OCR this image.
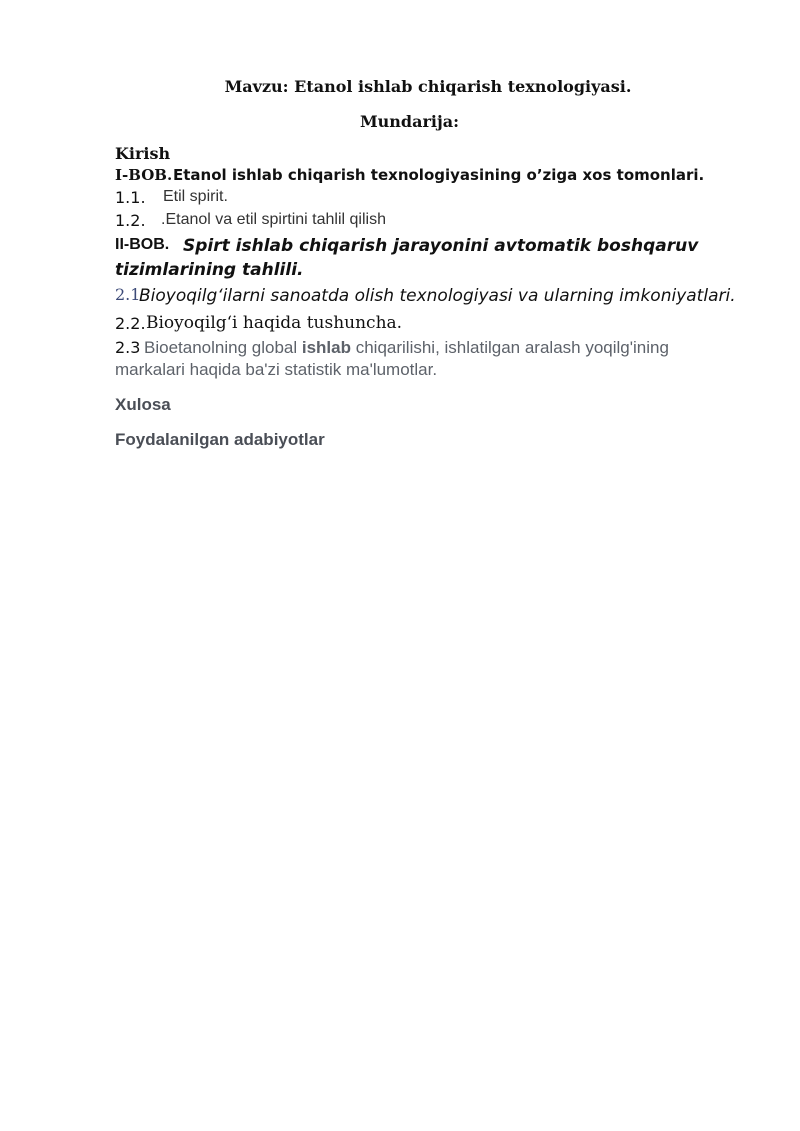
Mavzu: Etanol ishlab chiqarish texnologiyasi.
Mundarija:
Kirish
I-BOB. Etanol ishlab chiqarish texnologiyasining o’ziga xos tomonlari.
1.1. Etil spirit.
1.2. .Etanol va etil spirtini tahlil qilish
II-BOB. Spirt ishlab chiqarish jarayonini avtomatik boshqaruv
tizimlarining tahlili.
2.1
Bioyoqilg‘ilarni sanoatda olish texnologiyasi va ularning imkoniyatlari.
2.2. Bioyoqilg‘i haqida tushuncha.
2.3 Bioetanolning global ishlab chiqarilishi, ishlatilgan aralash yoqilg'ining
markalari haqida ba'zi statistik ma'lumotlar.
Xulosa
Foydalanilgan adabiyotlar
